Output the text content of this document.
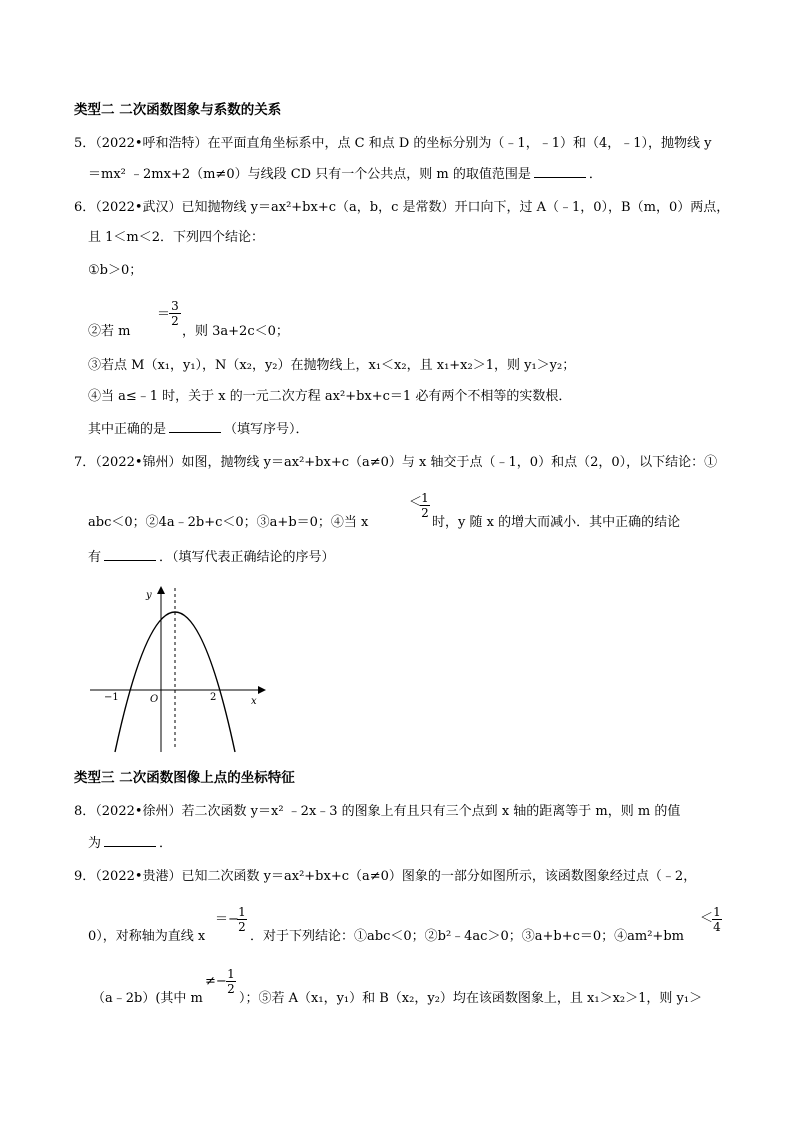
类型二 二次函数图象与系数的关系
5．（2022•呼和浩特）在平面直角坐标系中，点 C 和点 D 的坐标分别为（﹣1，﹣1）和（4，﹣1），抛物线 y
＝mx² ﹣2mx+2（m≠0）与线段 CD 只有一个公共点，则 m 的取值范围是	．
6．（2022•武汉）已知抛物线 y＝ax²+bx+c（a，b，c 是常数）开口向下，过 A（﹣1，0），B（m，0）两点，
且 1＜m＜2．下列四个结论：
①b＞0；
②若 m
＝
3
2
，则 3a+2c＜0；
③若点 M（x₁，y₁），N（x₂，y₂）在抛物线上，x₁＜x₂，且 x₁+x₂＞1，则 y₁＞y₂；
④当 a≤﹣1 时，关于 x 的一元二次方程 ax²+bx+c＝1 必有两个不相等的实数根．
其中正确的是	（填写序号）．
7．（2022•锦州）如图，抛物线 y＝ax²+bx+c（a≠0）与 x 轴交于点（﹣1，0）和点（2，0），以下结论：①
abc＜0；②4a﹣2b+c＜0；③a+b＝0；④当 x
＜ 1
2
时，y 随 x 的增大而减小．其中正确的结论
有	．（填写代表正确结论的序号）
y
x
O
−1	2
类型三 二次函数图像上点的坐标特征
8．（2022•徐州）若二次函数 y＝x² ﹣2x﹣3 的图象上有且只有三个点到 x 轴的距离等于 m，则 m 的值
为	．
9．（2022•贵港）已知二次函数 y＝ax²+bx+c（a≠0）图象的一部分如图所示，该函数图象经过点（﹣2，
0），对称轴为直线 x
＝− 1
2
．对于下列结论：①abc＜0；②b²﹣4ac＞0；③a+b+c＝0；④am²+bm
＜ 1
4
（a﹣2b）(其中 m
≠− 1
2
）；⑤若 A（x₁，y₁）和 B（x₂，y₂）均在该函数图象上，且 x₁＞x₂＞1，则 y₁＞
